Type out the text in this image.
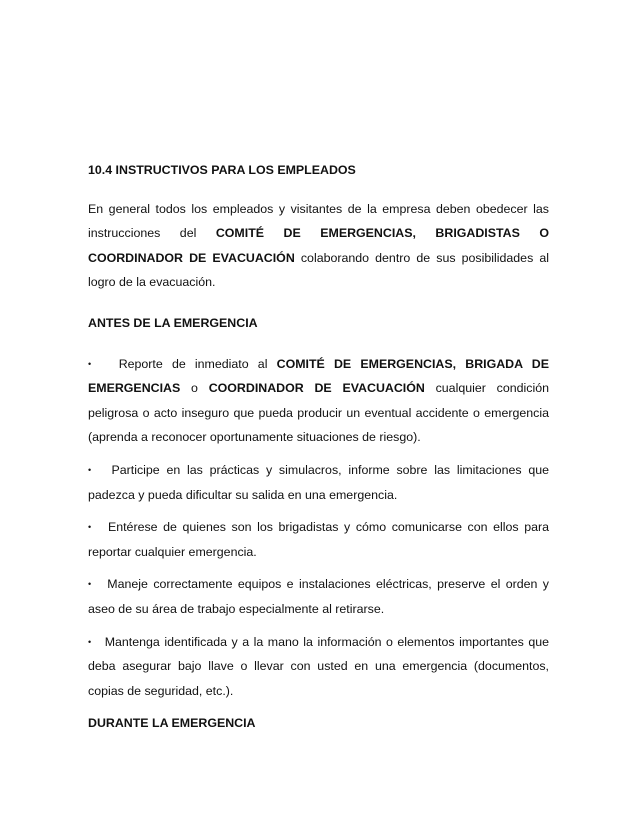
10.4 INSTRUCTIVOS PARA LOS EMPLEADOS

En general todos los empleados y visitantes de la empresa deben obedecer las instrucciones del COMITÉ DE EMERGENCIAS, BRIGADISTAS O COORDINADOR DE EVACUACIÓN colaborando dentro de sus posibilidades al logro de la evacuación.

ANTES DE LA EMERGENCIA

• Reporte de inmediato al COMITÉ DE EMERGENCIAS, BRIGADA DE EMERGENCIAS o COORDINADOR DE EVACUACIÓN cualquier condición peligrosa o acto inseguro que pueda producir un eventual accidente o emergencia (aprenda a reconocer oportunamente situaciones de riesgo).

• Participe en las prácticas y simulacros, informe sobre las limitaciones que padezca y pueda dificultar su salida en una emergencia.

• Entérese de quienes son los brigadistas y cómo comunicarse con ellos para reportar cualquier emergencia.

• Maneje correctamente equipos e instalaciones eléctricas, preserve el orden y aseo de su área de trabajo especialmente al retirarse.

• Mantenga identificada y a la mano la información o elementos importantes que deba asegurar bajo llave o llevar con usted en una emergencia (documentos, copias de seguridad, etc.).

DURANTE LA EMERGENCIA
